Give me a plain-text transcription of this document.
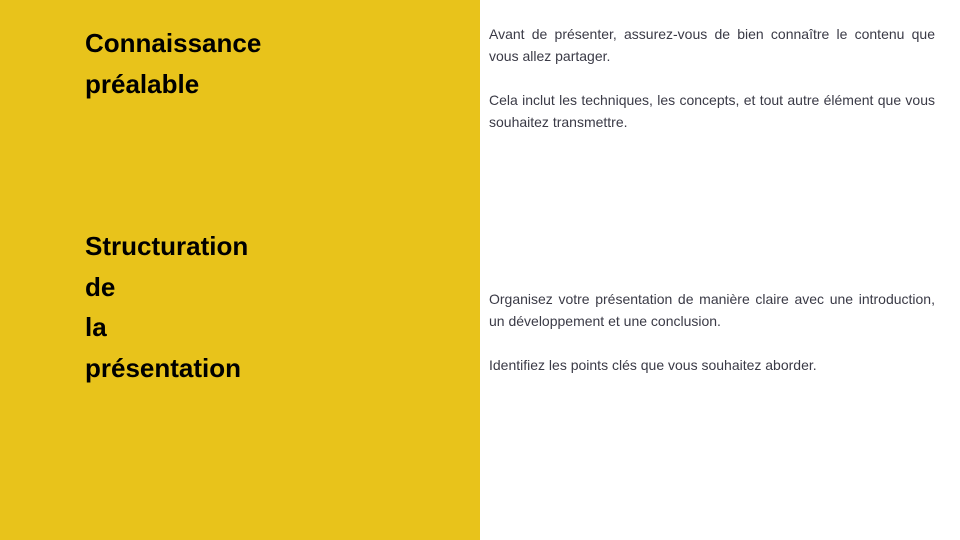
Connaissance
préalable

Avant de présenter, assurez-vous de bien connaître le contenu que vous allez partager.

Cela inclut les techniques, les concepts, et tout autre élément que vous souhaitez transmettre.

Structuration
de
la
présentation

Organisez votre présentation de manière claire avec une introduction, un développement et une conclusion.

Identifiez les points clés que vous souhaitez aborder.
